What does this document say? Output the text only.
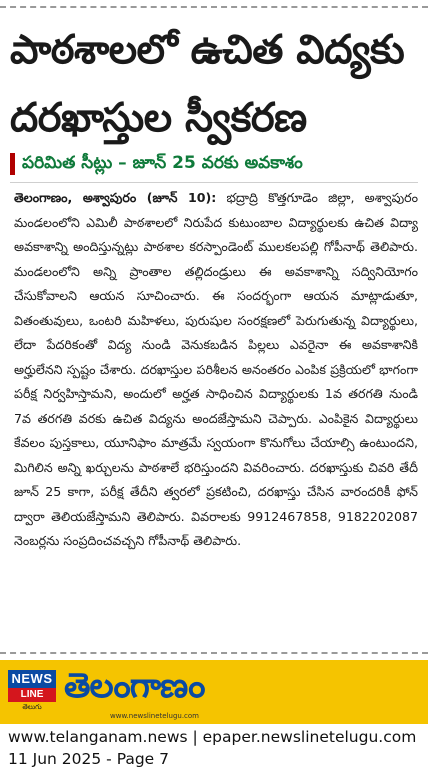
పాఠశాలలో ఉచిత విద్యకు
దరఖాస్తుల స్వీకరణ
పరిమిత సీట్లు – జూన్ 25 వరకు అవకాశం
తెలంగాణం, అశ్వాపురం (జూన్ 10): భద్రాద్రి కొత్తగూడెం జిల్లా, అశ్వాపురం మండలంలోని ఎమిలీ పాఠశాలలో నిరుపేద కుటుంబాల విద్యార్థులకు ఉచిత విద్యా అవకాశాన్ని అందిస్తున్నట్లు పాఠశాల కరస్పాండెంట్ ములకలపల్లి గోపీనాథ్ తెలిపారు. మండలంలోని అన్ని ప్రాంతాల తల్లిదండ్రులు ఈ అవకాశాన్ని సద్వినియోగం చేసుకోవాలని ఆయన సూచించారు. ఈ సందర్భంగా ఆయన మాట్లాడుతూ, వితంతువులు, ఒంటరి మహిళలు, పురుషుల సంరక్షణలో పెరుగుతున్న విద్యార్థులు, లేదా పేదరికంతో విద్య నుండి వెనుకబడిన పిల్లలు ఎవరైనా ఈ అవకాశానికి అర్హులేనని స్పష్టం చేశారు. దరఖాస్తుల పరిశీలన అనంతరం ఎంపిక ప్రక్రియలో భాగంగా పరీక్ష నిర్వహిస్తామని, అందులో అర్హత సాధించిన విద్యార్థులకు 1వ తరగతి నుండి 7వ తరగతి వరకు ఉచిత విద్యను అందజేస్తామని చెప్పారు. ఎంపికైన విద్యార్థులు కేవలం పుస్తకాలు, యూనిఫాం మాత్రమే స్వయంగా కొనుగోలు చేయాల్సి ఉంటుందని, మిగిలిన అన్ని ఖర్చులను పాఠశాలే భరిస్తుందని వివరించారు. దరఖాస్తుకు చివరి తేదీ జూన్ 25 కాగా, పరీక్ష తేదీని త్వరలో ప్రకటించి, దరఖాస్తు చేసిన వారందరికీ ఫోన్ ద్వారా తెలియజేస్తామని తెలిపారు. వివరాలకు 9912467858, 9182202087 నెంబర్లను సంప్రదించవచ్చని గోపీనాథ్ తెలిపారు.
NEWS
LINE
తెలుగు
తెలంగాణం
www.newslinetelugu.com
www.telanganam.news | epaper.newslinetelugu.com
11 Jun 2025 - Page 7
